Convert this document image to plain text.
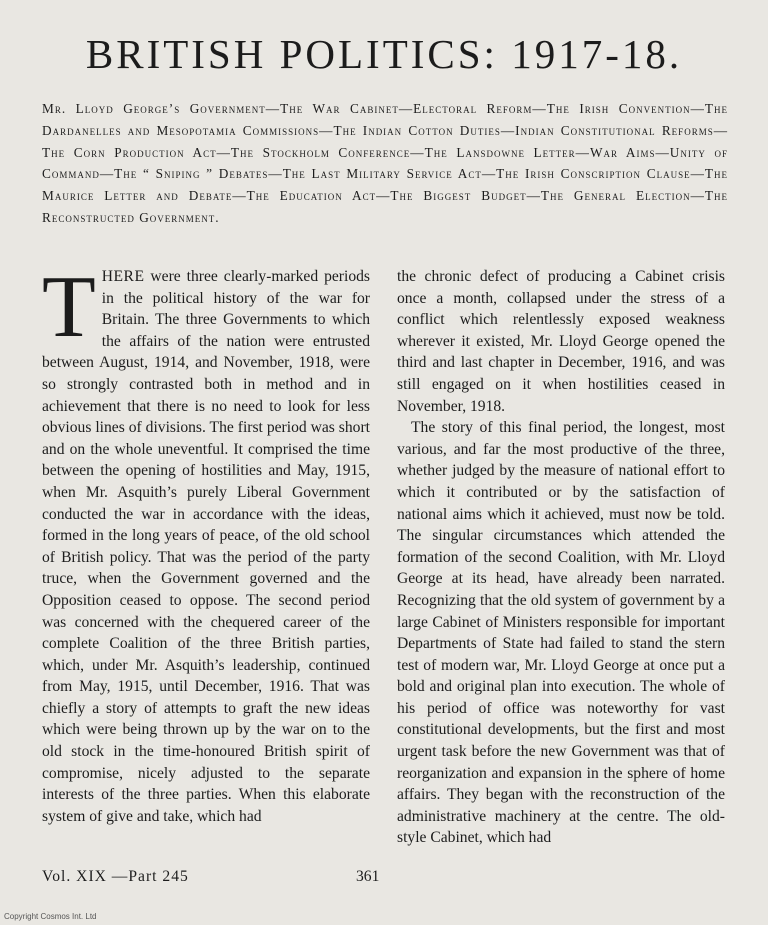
BRITISH POLITICS: 1917-18.

Mr. Lloyd George’s Government—The War Cabinet—Electoral Reform—The Irish Convention—The Dardanelles and Mesopotamia Commissions—The Indian Cotton Duties—Indian Constitutional Reforms—The Corn Production Act—The Stockholm Conference—The Lansdowne Letter—War Aims—Unity of Command—The “ Sniping ” Debates—The Last Military Service Act—The Irish Conscription Clause—The Maurice Letter and Debate—The Education Act—The Biggest Budget—The General Election—The Reconstructed Government.

THERE were three clearly-marked periods in the political history of the war for Britain. The three Governments to which the affairs of the nation were entrusted between August, 1914, and November, 1918, were so strongly contrasted both in method and in achievement that there is no need to look for less obvious lines of divisions. The first period was short and on the whole uneventful. It comprised the time between the opening of hostilities and May, 1915, when Mr. Asquith’s purely Liberal Government conducted the war in accordance with the ideas, formed in the long years of peace, of the old school of British policy. That was the period of the party truce, when the Government governed and the Opposition ceased to oppose. The second period was concerned with the chequered career of the complete Coalition of the three British parties, which, under Mr. Asquith’s leadership, continued from May, 1915, until December, 1916. That was chiefly a story of attempts to graft the new ideas which were being thrown up by the war on to the old stock in the time-honoured British spirit of compromise, nicely adjusted to the separate interests of the three parties. When this elaborate system of give and take, which had

the chronic defect of producing a Cabinet crisis once a month, collapsed under the stress of a conflict which relentlessly exposed weakness wherever it existed, Mr. Lloyd George opened the third and last chapter in December, 1916, and was still engaged on it when hostilities ceased in November, 1918.

The story of this final period, the longest, most various, and far the most productive of the three, whether judged by the measure of national effort to which it contributed or by the satisfaction of national aims which it achieved, must now be told. The singular circumstances which attended the formation of the second Coalition, with Mr. Lloyd George at its head, have already been narrated. Recognizing that the old system of government by a large Cabinet of Ministers responsible for important Departments of State had failed to stand the stern test of modern war, Mr. Lloyd George at once put a bold and original plan into execution. The whole of his period of office was noteworthy for vast constitutional developments, but the first and most urgent task before the new Government was that of reorganization and expansion in the sphere of home affairs. They began with the reconstruction of the administrative machinery at the centre. The old-style Cabinet, which had

Vol. XIX —Part 245	361
Copyright Cosmos Int. Ltd
